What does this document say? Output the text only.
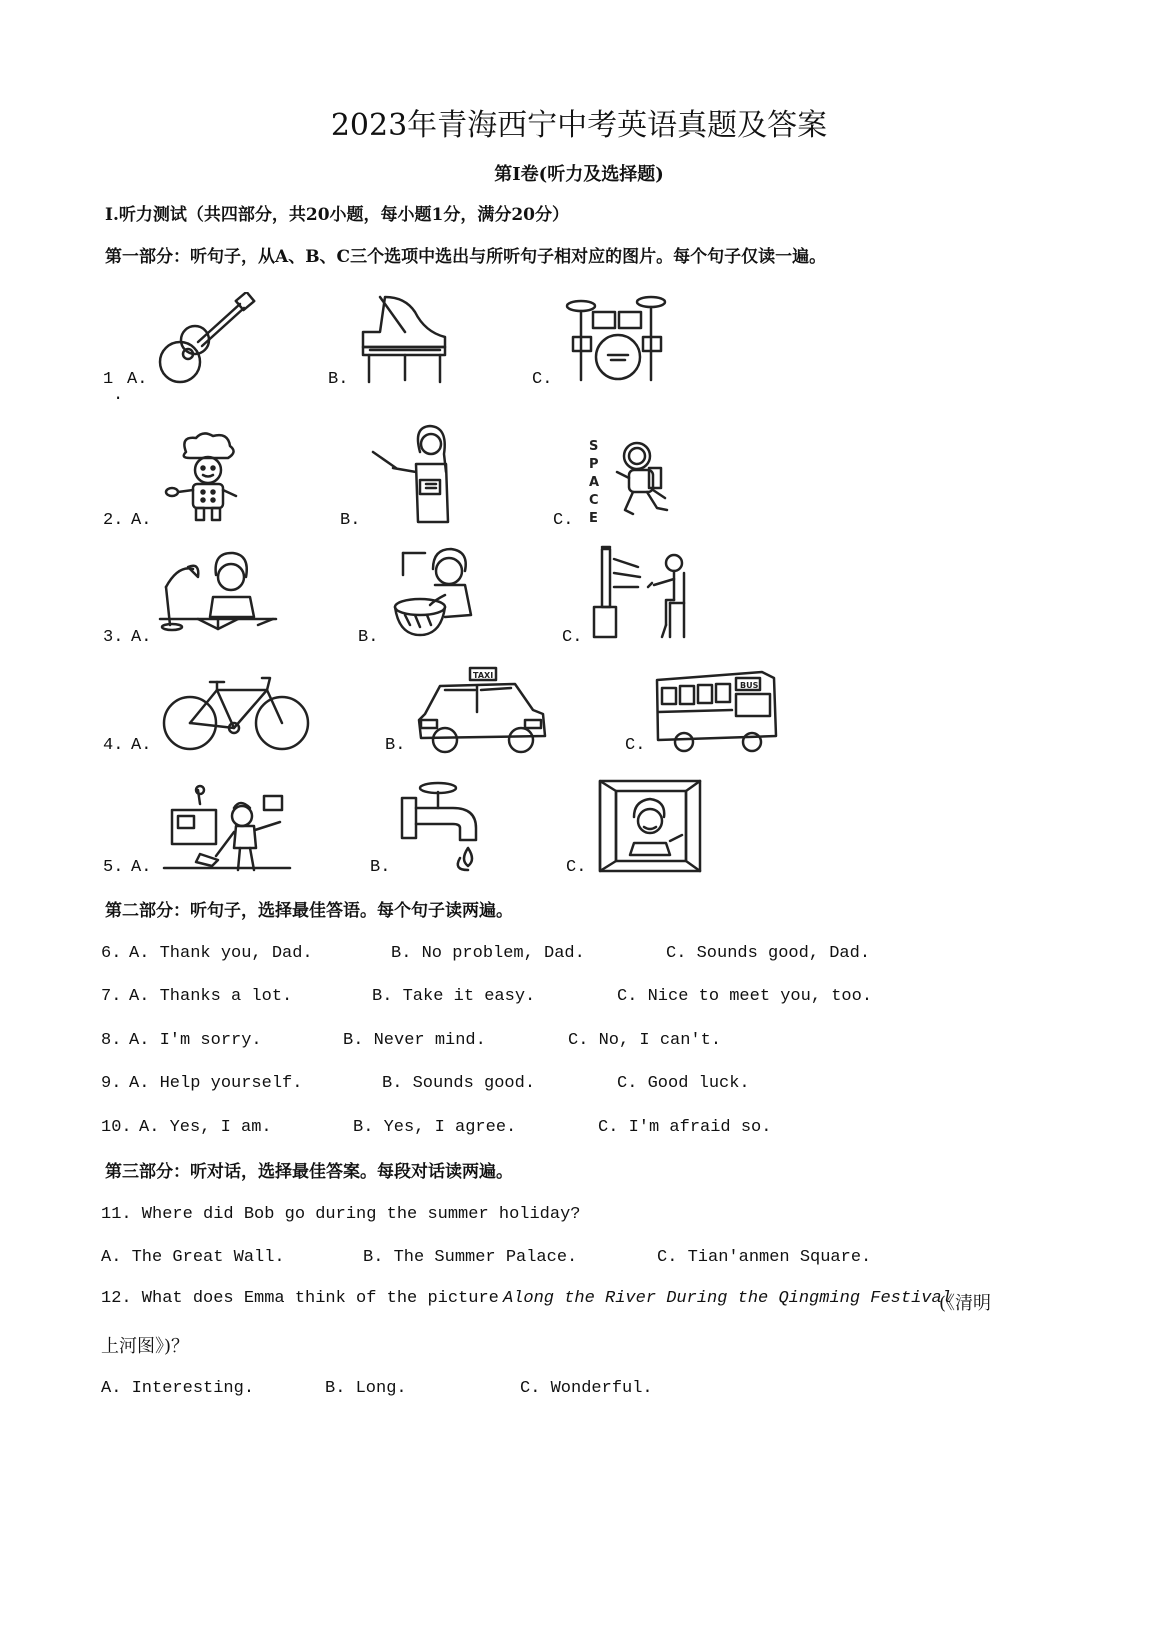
2023年青海西宁中考英语真题及答案
第Ⅰ卷(听力及选择题)
I.听力测试（共四部分，共20小题，每小题1分，满分20分）
第一部分：听句子，从A、B、C三个选项中选出与所听句子相对应的图片。每个句子仅读一遍。
1
.
A.	B.	C.
2. A.	B.	C.
S
P
A
C
E
3. A.	B.	C.
4. A.	B.
TAXI
C.
BUS
5. A.	B.	C.
第二部分：听句子，选择最佳答语。每个句子读两遍。
6. A. Thank you, Dad.	B. No problem, Dad.	C. Sounds good, Dad.
7. A. Thanks a lot.	B. Take it easy.	C. Nice to meet you, too.
8. A. I'm sorry.	B. Never mind.	C. No, I can't.
9. A. Help yourself.	B. Sounds good.	C. Good luck.
10. A. Yes, I am.	B. Yes, I agree.	C. I'm afraid so.
第三部分：听对话，选择最佳答案。每段对话读两遍。
11. Where did Bob go during the summer holiday?
A. The Great Wall.	B. The Summer Palace.	C. Tian'anmen Square.
12. What does Emma think of the picture
Along the River During the Qingming Festival
(《清明
上河图》)？
A. Interesting.	B. Long.	C. Wonderful.
